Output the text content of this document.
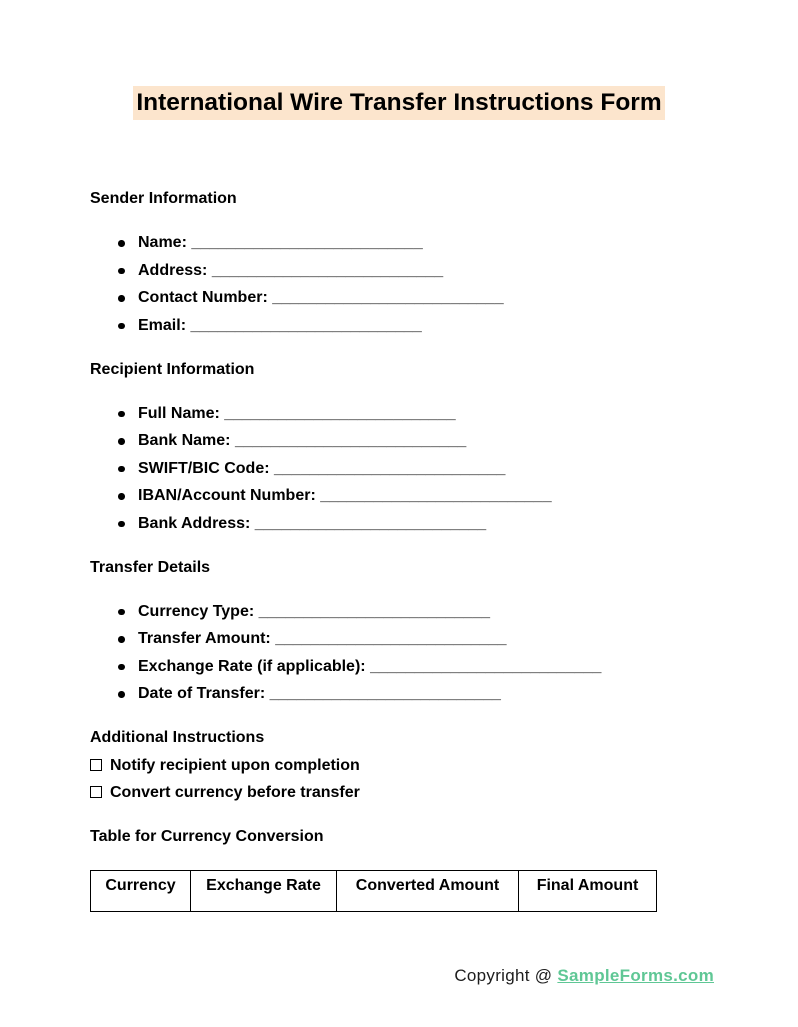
International Wire Transfer Instructions Form
Sender Information
Name: __________________________
Address: __________________________
Contact Number: __________________________
Email: __________________________
Recipient Information
Full Name: __________________________
Bank Name: __________________________
SWIFT/BIC Code: __________________________
IBAN/Account Number: __________________________
Bank Address: __________________________
Transfer Details
Currency Type: __________________________
Transfer Amount: __________________________
Exchange Rate (if applicable): __________________________
Date of Transfer: __________________________
Additional Instructions

Notify recipient upon completion

Convert currency before transfer

Table for Currency Conversion
Currency	Exchange Rate	Converted Amount	Final Amount
Copyright @ SampleForms.com
